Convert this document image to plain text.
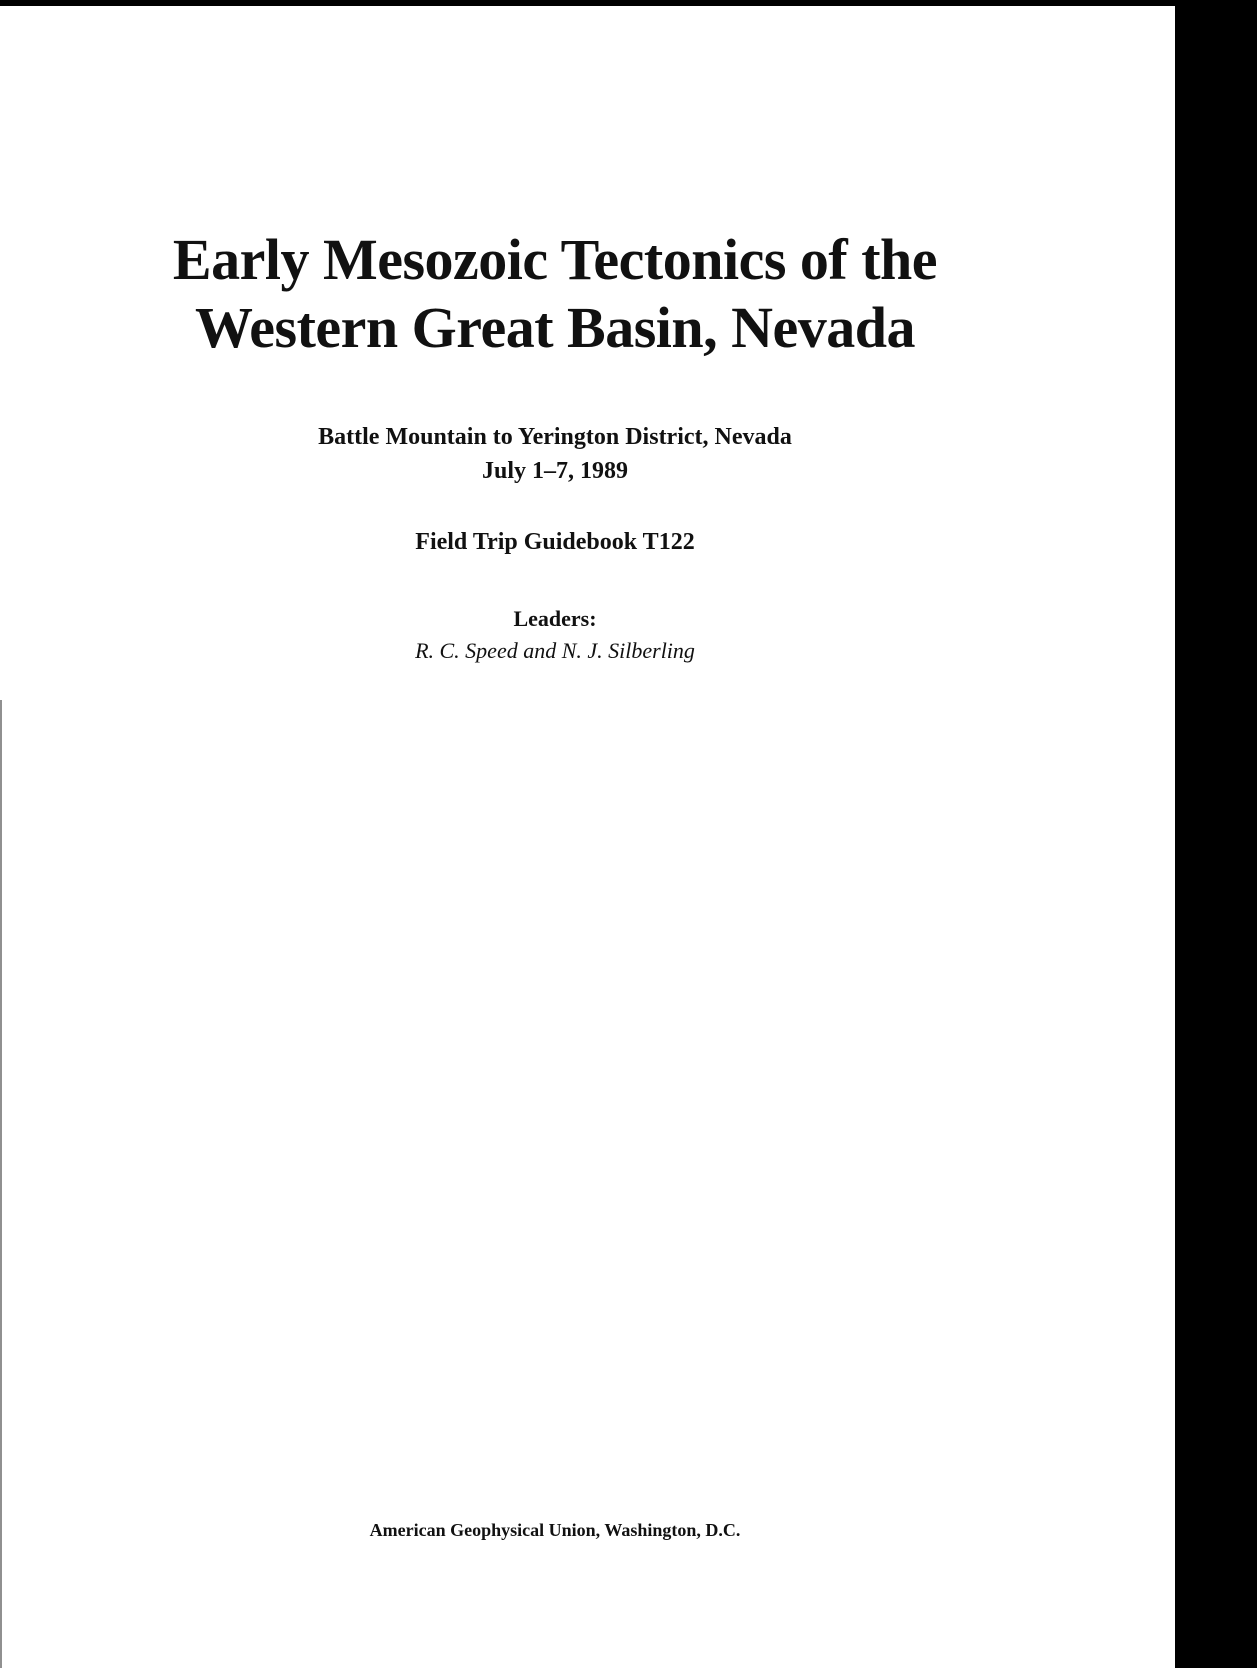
Early Mesozoic Tectonics of the
Western Great Basin, Nevada
Battle Mountain to Yerington District, Nevada
July 1–7, 1989
Field Trip Guidebook T122
Leaders:
R. C. Speed and N. J. Silberling
American Geophysical Union, Washington, D.C.
